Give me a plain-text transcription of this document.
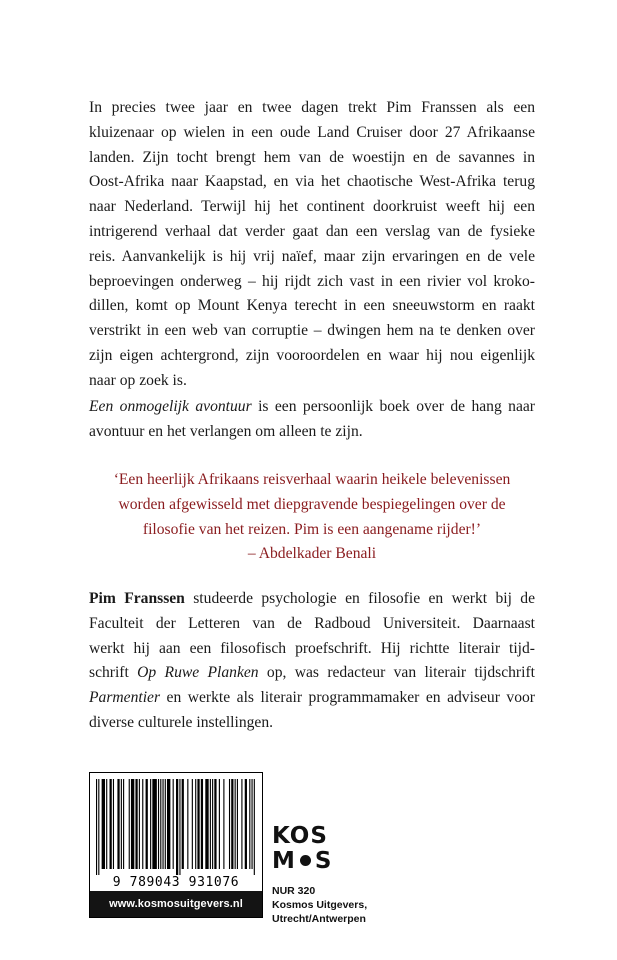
In precies twee jaar en twee dagen trekt Pim Franssen als een
kluizenaar op wielen in een oude Land Cruiser door 27 Afrikaanse
landen. Zijn tocht brengt hem van de woestijn en de savannes in
Oost-Afrika naar Kaapstad, en via het chaotische West-Afrika terug
naar Nederland. Terwijl hij het continent doorkruist weeft hij een
intrigerend verhaal dat verder gaat dan een verslag van de fysieke
reis. Aanvankelijk is hij vrij naïef, maar zijn ervaringen en de vele
beproevingen onderweg – hij rijdt zich vast in een rivier vol kroko-
dillen, komt op Mount Kenya terecht in een sneeuwstorm en raakt
verstrikt in een web van corruptie – dwingen hem na te denken over
zijn eigen achtergrond, zijn vooroordelen en waar hij nou eigenlijk
naar op zoek is.
Een onmogelijk avontuur is een persoonlijk boek over de hang naar
avontuur en het verlangen om alleen te zijn.
‘Een heerlijk Afrikaans reisverhaal waarin heikele belevenissen
worden afgewisseld met diepgravende bespiegelingen over de
filosofie van het reizen. Pim is een aangename rijder!’
– Abdelkader Benali
Pim Franssen studeerde psychologie en filosofie en werkt bij de
Faculteit der Letteren van de Radboud Universiteit. Daarnaast
werkt hij aan een filosofisch proefschrift. Hij richtte literair tijd-
schrift Op Ruwe Planken op, was redacteur van literair tijdschrift
Parmentier en werkte als literair programmamaker en adviseur voor
diverse culturele instellingen.
9 789043 931076
www.kosmosuitgevers.nl
KOS
M S
NUR 320
Kosmos Uitgevers,
Utrecht/Antwerpen
